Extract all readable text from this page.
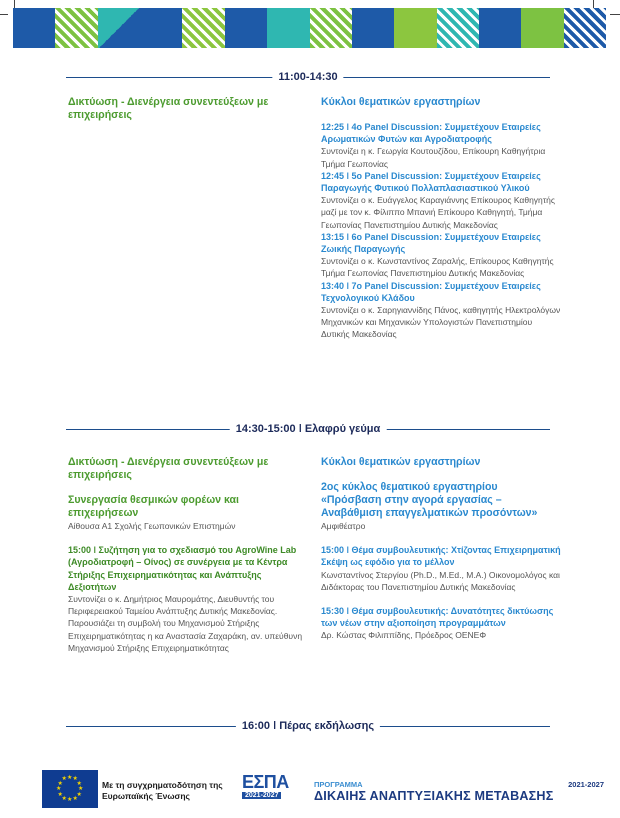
11:00-14:30
Δικτύωση - Διενέργεια συνεντεύξεων με επιχειρήσεις
Κύκλοι θεματικών εργαστηρίων
12:25 ǀ 4ο Panel Discussion: Συμμετέχουν Εταιρείες Αρωματικών Φυτών και Αγροδιατροφής
Συντονίζει η κ. Γεωργία Κουτουζίδου, Επίκουρη Καθηγήτρια Τμήμα Γεωπονίας
12:45 ǀ 5ο Panel Discussion: Συμμετέχουν Εταιρείες Παραγωγής Φυτικού Πολλαπλασιαστικού Υλικού
Συντονίζει ο κ. Ευάγγελος Καραγιάννης Επίκουρος Καθηγητής μαζί με τον κ. Φίλιππο Μπανιή Επίκουρο Καθηγητή, Τμήμα Γεωπονίας Πανεπιστημίου Δυτικής Μακεδονίας
13:15 ǀ 6ο Panel Discussion: Συμμετέχουν Εταιρείες Ζωικής Παραγωγής
Συντονίζει ο κ. Κωνσταντίνος Ζαραλής, Επίκουρος Καθηγητής Τμήμα Γεωπονίας Πανεπιστημίου Δυτικής Μακεδονίας
13:40 ǀ 7ο Panel Discussion: Συμμετέχουν Εταιρείες Τεχνολογικού Κλάδου
Συντονίζει ο κ. Σαρηγιαννίδης Πάνος, καθηγητής Ηλεκτρολόγων Μηχανικών και Μηχανικών Υπολογιστών Πανεπιστημίου Δυτικής Μακεδονίας
14:30-15:00 ǀ Ελαφρύ γεύμα
Δικτύωση - Διενέργεια συνεντεύξεων με επιχειρήσεις
Συνεργασία θεσμικών φορέων και επιχειρήσεων
Αίθουσα Α1 Σχολής Γεωπονικών Επιστημών
15:00 ǀ Συζήτηση για το σχεδιασμό του AgroWine Lab (Αγροδιατροφή – Οίνος) σε συνέργεια με τα Κέντρα Στήριξης Επιχειρηματικότητας και Ανάπτυξης Δεξιοτήτων
Συντονίζει ο κ. Δημήτριος Μαυρομάτης, Διευθυντής του Περιφερειακού Ταμείου Ανάπτυξης Δυτικής Μακεδονίας. Παρουσιάζει τη συμβολή του Μηχανισμού Στήριξης Επιχειρηματικότητας η κα Αναστασία Ζαχαράκη, αν. υπεύθυνη Μηχανισμού Στήριξης Επιχειρηματικότητας
Κύκλοι θεματικών εργαστηρίων
2ος κύκλος θεματικού εργαστηρίου «Πρόσβαση στην αγορά εργασίας – Αναβάθμιση επαγγελματικών προσόντων»
Αμφιθέατρο
15:00 ǀ Θέμα συμβουλευτικής: Χτίζοντας Επιχειρηματική Σκέψη ως εφόδιο για το μέλλον
Κωνσταντίνος Στεργίου (Ph.D., M.Ed., M.A.) Οικονομολόγος και Διδάκτορας του Πανεπιστημίου Δυτικής Μακεδονίας
15:30 ǀ Θέμα συμβουλευτικής: Δυνατότητες δικτύωσης των νέων στην αξιοποίηση προγραμμάτων
Δρ. Κώστας Φιλιππίδης, Πρόεδρος ΟΕΝΕΦ
16:00 ǀ Πέρας εκδήλωσης
★
★
★
★
★
★
★
★
★ ★ ★
★ Με τη συγχρηματοδότηση της Ευρωπαϊκής Ένωσης
ΕΣΠΑ
2021-2027
ΠΡΟΓΡΑΜΜΑ	2021-2027
ΔΙΚΑΙΗΣ ΑΝΑΠΤΥΞΙΑΚΗΣ ΜΕΤΑΒΑΣΗΣ
